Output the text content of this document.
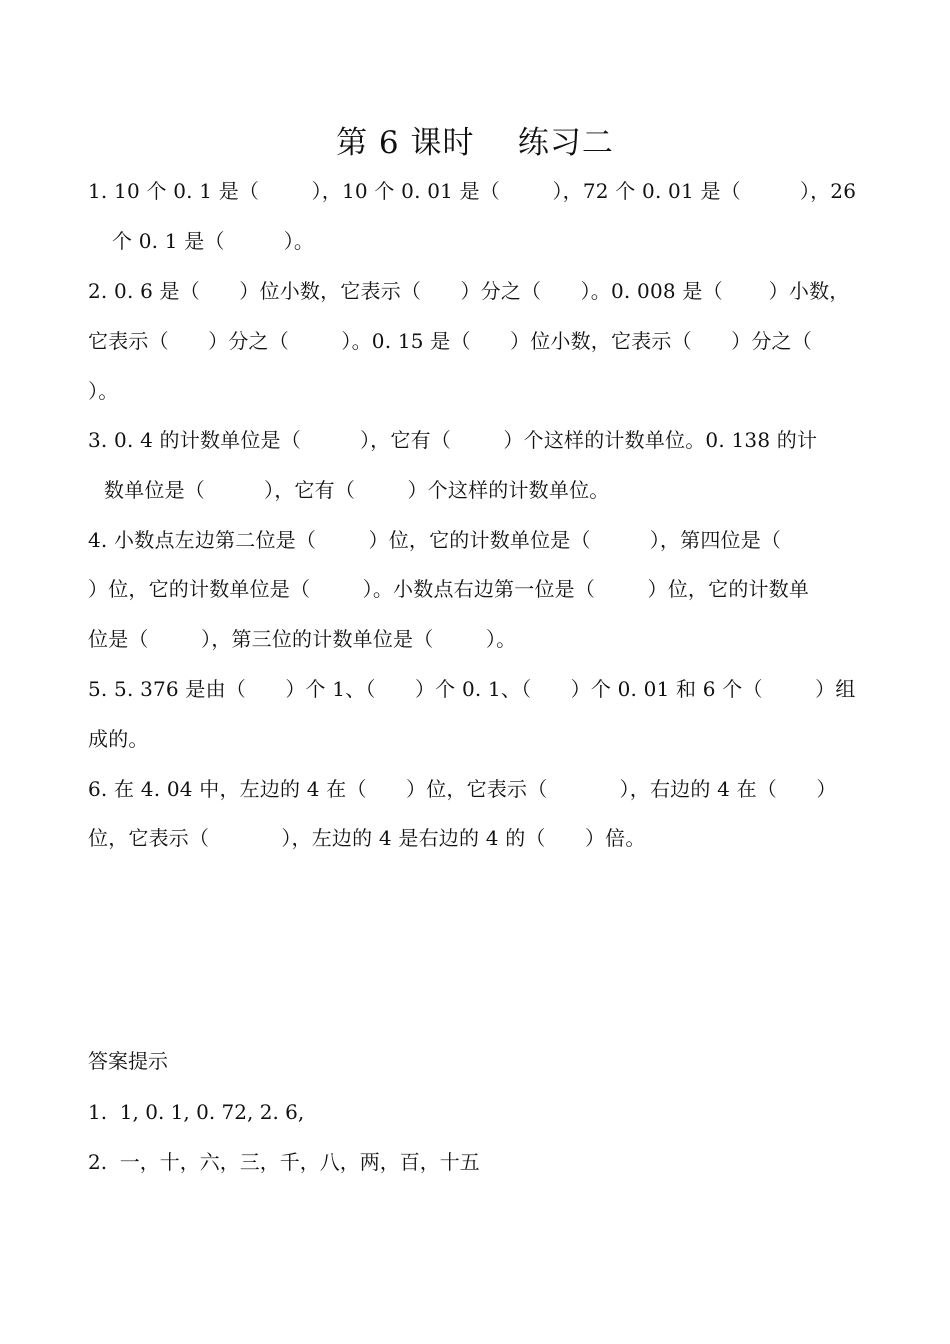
第 6 课时    练习二
1. 10 个 0. 1 是（        ），10 个 0. 01 是（        ），72 个 0. 01 是（         ），26
个 0. 1 是（         ）。
2. 0. 6 是（      ）位小数，它表示（      ）分之（      ）。0. 008 是（       ）小数，
它表示（      ）分之（        ）。0. 15 是（      ）位小数，它表示（      ）分之（
）。
3. 0. 4 的计数单位是（         ），它有（        ）个这样的计数单位。0. 138 的计
数单位是（         ），它有（        ）个这样的计数单位。
4. 小数点左边第二位是（        ）位，它的计数单位是（         ），第四位是（
）位，它的计数单位是（        ）。小数点右边第一位是（        ）位，它的计数单
位是（        ），第三位的计数单位是（        ）。
5. 5. 376 是由（      ）个 1、（      ）个 0. 1、（      ）个 0. 01 和 6 个（        ）组
成的。
6. 在 4. 04 中，左边的 4 在（      ）位，它表示（           ），右边的 4 在（      ）
位，它表示（           ），左边的 4 是右边的 4 的（      ）倍。
答案提示
1.  1, 0. 1, 0. 72, 2. 6,
2.  一，十，六，三，千，八，两，百，十五
